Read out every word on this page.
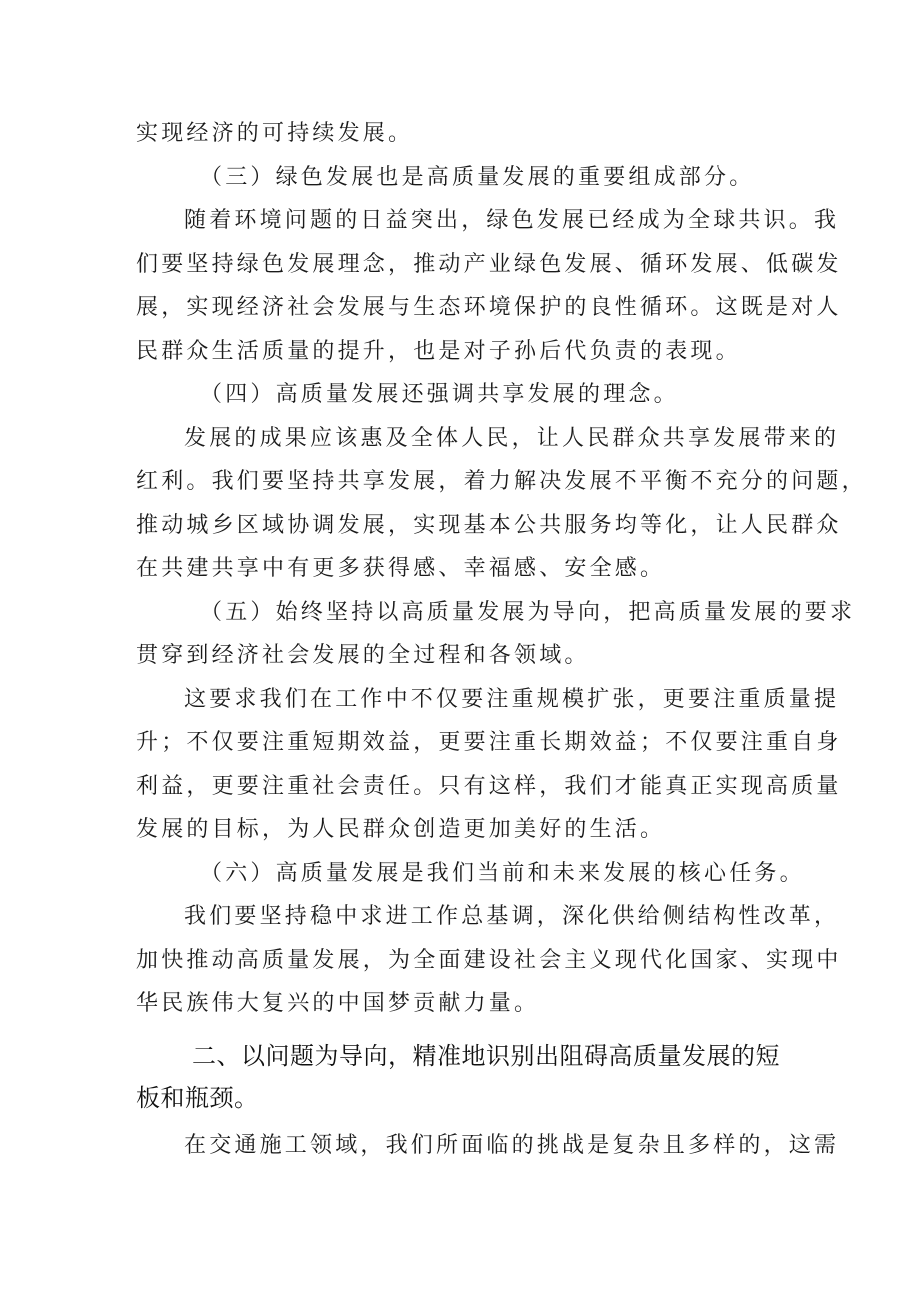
实现经济的可持续发展。

（三）绿色发展也是高质量发展的重要组成部分。

随着环境问题的日益突出，绿色发展已经成为全球共识。我

们要坚持绿色发展理念，推动产业绿色发展、循环发展、低碳发

展，实现经济社会发展与生态环境保护的良性循环。这既是对人

民群众生活质量的提升，也是对子孙后代负责的表现。

（四）高质量发展还强调共享发展的理念。

发展的成果应该惠及全体人民，让人民群众共享发展带来的

红利。我们要坚持共享发展，着力解决发展不平衡不充分的问题，

推动城乡区域协调发展，实现基本公共服务均等化，让人民群众

在共建共享中有更多获得感、幸福感、安全感。

（五）始终坚持以高质量发展为导向，把高质量发展的要求

贯穿到经济社会发展的全过程和各领域。

这要求我们在工作中不仅要注重规模扩张，更要注重质量提

升；不仅要注重短期效益，更要注重长期效益；不仅要注重自身

利益，更要注重社会责任。只有这样，我们才能真正实现高质量

发展的目标，为人民群众创造更加美好的生活。

（六）高质量发展是我们当前和未来发展的核心任务。

我们要坚持稳中求进工作总基调，深化供给侧结构性改革，

加快推动高质量发展，为全面建设社会主义现代化国家、实现中

华民族伟大复兴的中国梦贡献力量。

二、以问题为导向，精准地识别出阻碍高质量发展的短

板和瓶颈。

在交通施工领域，我们所面临的挑战是复杂且多样的，这需
